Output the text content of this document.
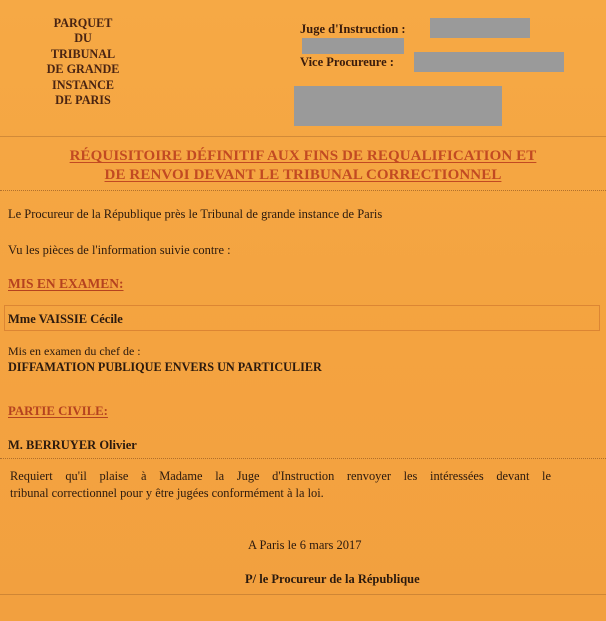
PARQUET
DU
TRIBUNAL
DE GRANDE
INSTANCE
DE PARIS
Juge d'Instruction :
Vice Procureure :
RÉQUISITOIRE DÉFINITIF AUX FINS DE REQUALIFICATION ET
DE RENVOI DEVANT LE TRIBUNAL CORRECTIONNEL
Le Procureur de la République près le Tribunal de grande instance de Paris
Vu les pièces de l'information suivie contre :
MIS EN EXAMEN:
Mme VAISSIE Cécile
Mis en examen du chef de :
DIFFAMATION PUBLIQUE ENVERS UN PARTICULIER
PARTIE CIVILE:
M. BERRUYER Olivier
Requiert qu'il plaise à Madame la Juge d'Instruction renvoyer les intéressées devant le
tribunal correctionnel pour y être jugées conformément à la loi.
A Paris le 6 mars 2017
P/ le Procureur de la République
